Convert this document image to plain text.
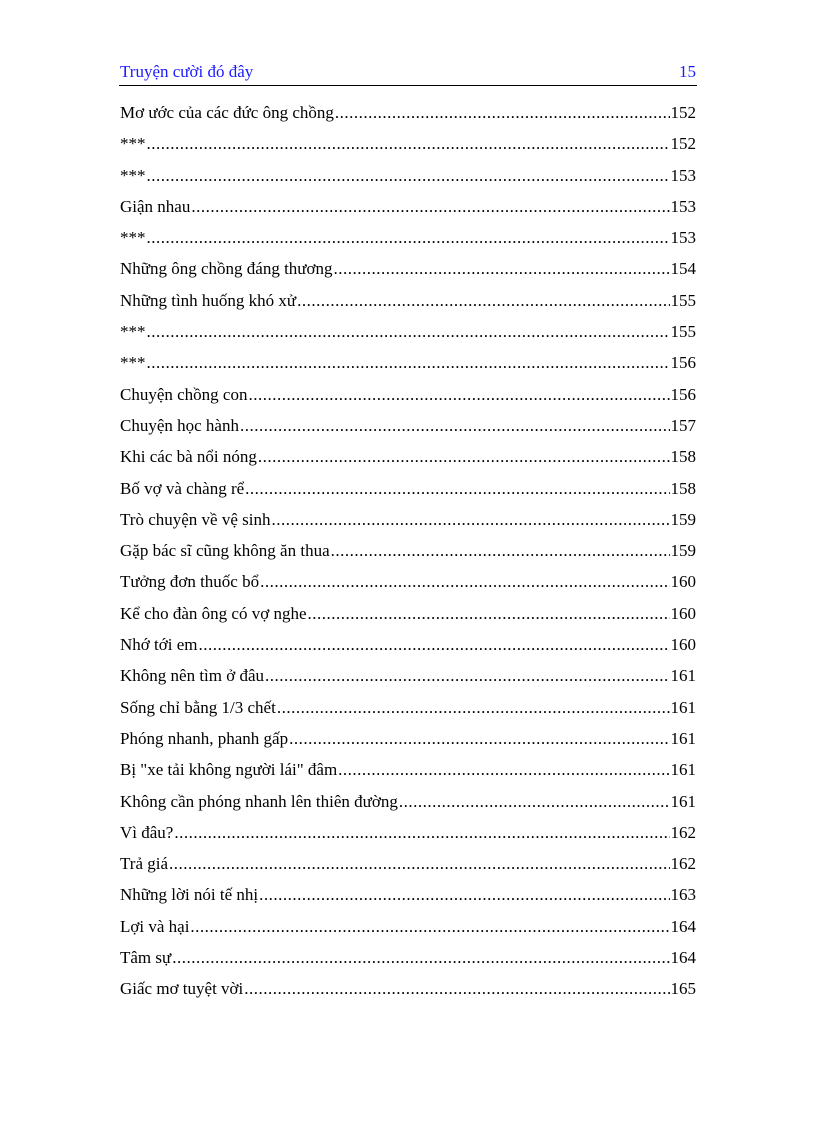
Truyện cười đó đây	15
Mơ ước của các đức ông chồng .....	152
*** .....	152
*** .....	153
Giận nhau .....	153
*** .....	153
Những ông chồng đáng thương .....	154
Những tình huống khó xử .....	155
*** .....	155
*** .....	156
Chuyện chồng con .....	156
Chuyện học hành .....	157
Khi các bà nổi nóng .....	158
Bố vợ và chàng rể .....	158
Trò chuyện về vệ sinh .....	159
Gặp bác sĩ cũng không ăn thua .....	159
Tưởng đơn thuốc bổ .....	160
Kể cho đàn ông có vợ nghe .....	160
Nhớ tới em .....	160
Không nên tìm ở đâu .....	161
Sống chỉ bằng 1/3 chết .....	161
Phóng nhanh, phanh gấp .....	161
Bị "xe tải không người lái" đâm .....	161
Không cần phóng nhanh lên thiên đường .....	161
Vì đâu? .....	162
Trả giá .....	162
Những lời nói tế nhị .....	163
Lợi và hại .....	164
Tâm sự .....	164
Giấc mơ tuyệt vời .....	165
